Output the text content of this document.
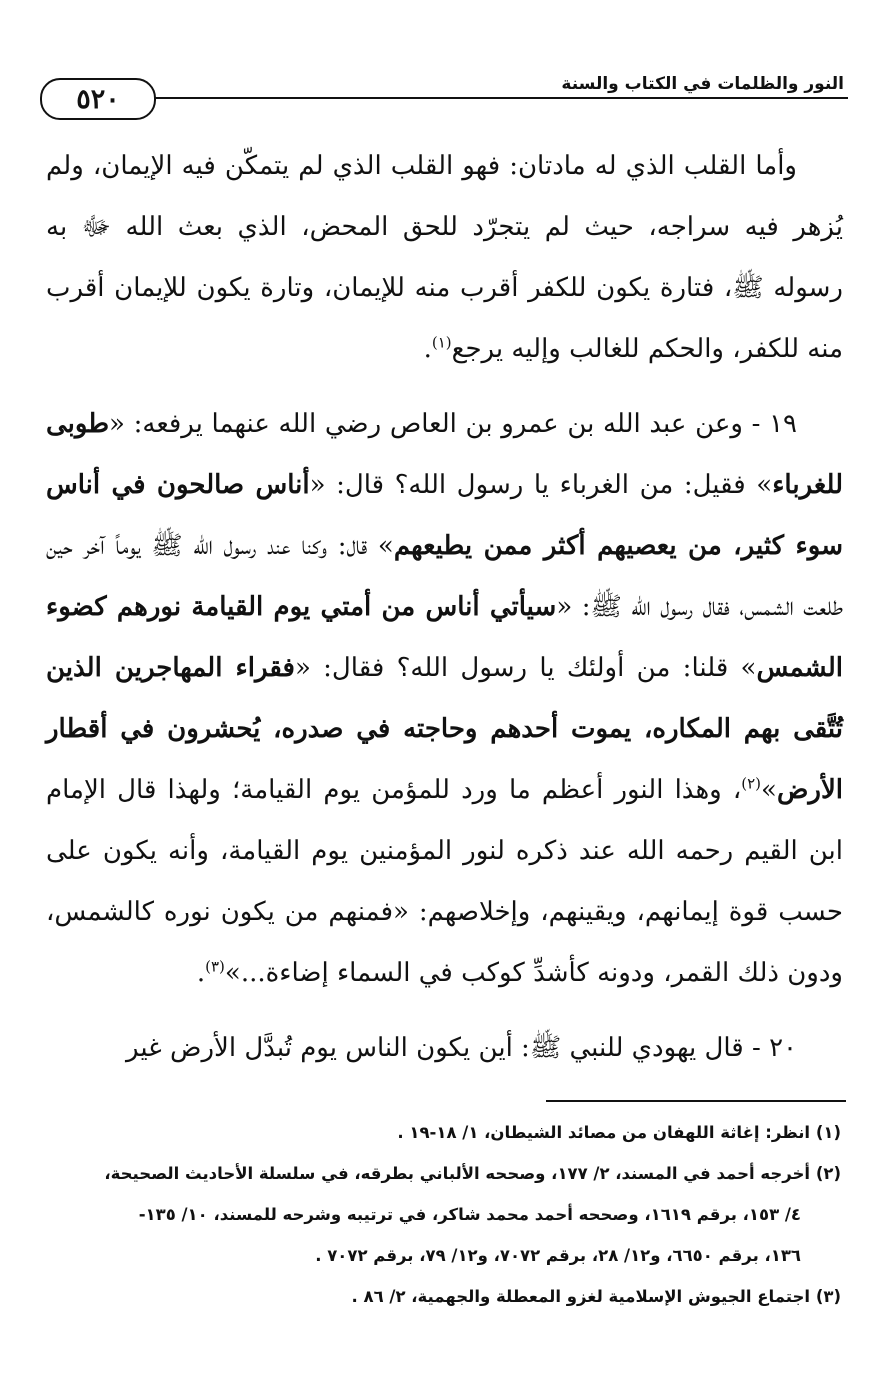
٥٢٠	النور والظلمات في الكتاب والسنة

وأما القلب الذي له مادتان: فهو القلب الذي لم يتمكّن فيه الإيمان، ولم يُزهر فيه سراجه، حيث لم يتجرّد للحق المحض، الذي بعث الله ﷻ به رسوله ﷺ، فتارة يكون للكفر أقرب منه للإيمان، وتارة يكون للإيمان أقرب منه للكفر، والحكم للغالب وإليه يرجع$^{(١)}$.

١٩ - وعن عبد الله بن عمرو بن العاص رضي الله عنهما يرفعه: «طوبى للغرباء» فقيل: من الغرباء يا رسول الله؟ قال: «أناس صالحون في أناس سوء كثير، من يعصيهم أكثر ممن يطيعهم» قال: وكنا عند رسول الله ﷺ يوماً آخر حين طلعت الشمس، فقال رسول الله ﷺ: «سيأتي أناس من أمتي يوم القيامة نورهم كضوء الشمس» قلنا: من أولئك يا رسول الله؟ فقال: «فقراء المهاجرين الذين تُتَّقى بهم المكاره، يموت أحدهم وحاجته في صدره، يُحشرون في أقطار الأرض»$^{(٢)}$، وهذا النور أعظم ما ورد للمؤمن يوم القيامة؛ ولهذا قال الإمام ابن القيم رحمه الله عند ذكره لنور المؤمنين يوم القيامة، وأنه يكون على حسب قوة إيمانهم، ويقينهم، وإخلاصهم: «فمنهم من يكون نوره كالشمس، ودون ذلك القمر، ودونه كأشدِّ كوكب في السماء إضاءة...»$^{(٣)}$.

٢٠ - قال يهودي للنبي ﷺ: أين يكون الناس يوم تُبدَّل الأرض غير

(١) انظر: إغاثة اللهفان من مصائد الشيطان، ١/ ١٨-١٩ .

(٢) أخرجه أحمد في المسند، ٢/ ١٧٧، وصححه الألباني بطرقه، في سلسلة الأحاديث الصحيحة،

٤/ ١٥٣، برقم ١٦١٩، وصححه أحمد محمد شاكر، في ترتيبه وشرحه للمسند، ١٠/ ١٣٥-

١٣٦، برقم ٦٦٥٠، و١٢/ ٢٨، برقم ٧٠٧٢، و١٢/ ٧٩، برقم ٧٠٧٢ .

(٣) اجتماع الجيوش الإسلامية لغزو المعطلة والجهمية، ٢/ ٨٦ .
